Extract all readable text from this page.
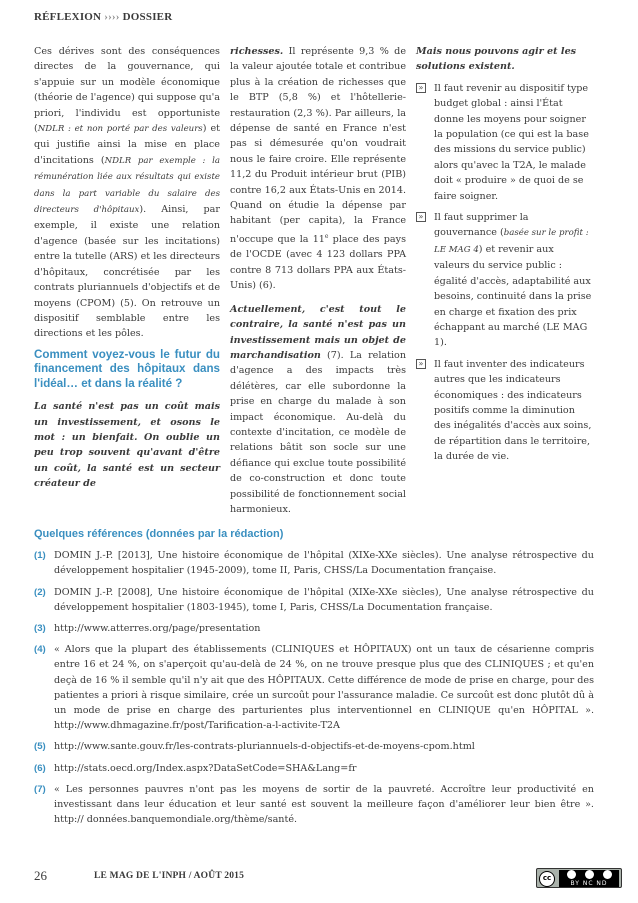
RÉFLEXION ›››› DOSSIER

Ces dérives sont des conséquences directes de la gouvernance, qui s'appuie sur un modèle économique (théorie de l'agence) qui suppose qu'a priori, l'individu est opportuniste (NDLR : et non porté par des valeurs) et qui justifie ainsi la mise en place d'incitations (NDLR par exemple : la rémunération liée aux résultats qui existe dans la part variable du salaire des directeurs d'hôpitaux). Ainsi, par exemple, il existe une relation d'agence (basée sur les incitations) entre la tutelle (ARS) et les directeurs d'hôpitaux, concrétisée par les contrats pluriannuels d'objectifs et de moyens (CPOM) (5). On retrouve un dispositif semblable entre les directions et les pôles.

Comment voyez-vous le futur du financement des hôpitaux dans l'idéal… et dans la réalité ?

La santé n'est pas un coût mais un investissement, et osons le mot : un bienfait. On oublie un peu trop souvent qu'avant d'être un coût, la santé est un secteur créateur de

richesses. Il représente 9,3 % de la valeur ajoutée totale et contribue plus à la création de richesses que le BTP (5,8 %) et l'hôtellerie-restauration (2,3 %). Par ailleurs, la dépense de santé en France n'est pas si démesurée qu'on voudrait nous le faire croire. Elle représente 11,2 du Produit intérieur brut (PIB) contre 16,2 aux États-Unis en 2014. Quand on étudie la dépense par habitant (per capita), la France n'occupe que la 11e place des pays de l'OCDE (avec 4 123 dollars PPA contre 8 713 dollars PPA aux États-Unis) (6).

Actuellement, c'est tout le contraire, la santé n'est pas un investissement mais un objet de marchandisation (7). La relation d'agence a des impacts très délétères, car elle subordonne la prise en charge du malade à son impact économique. Au-delà du contexte d'incitation, ce modèle de relations bâtit son socle sur une défiance qui exclue toute possibilité de co-construction et donc toute possibilité de fonctionnement social harmonieux.

Mais nous pouvons agir et les solutions existent.

» Il faut revenir au dispositif type budget global : ainsi l'État donne les moyens pour soigner la population (ce qui est la base des missions du service public) alors qu'avec la T2A, le malade doit « produire » de quoi de se faire soigner.
» Il faut supprimer la gouvernance (basée sur le profit : LE MAG 4) et revenir aux valeurs du service public : égalité d'accès, adaptabilité aux besoins, continuité dans la prise en charge et fixation des prix échappant au marché (LE MAG 1).
» Il faut inventer des indicateurs autres que les indicateurs économiques : des indicateurs positifs comme la diminution des inégalités d'accès aux soins, de répartition dans le territoire, la durée de vie.
Quelques références (données par la rédaction)
(1) DOMIN J.-P. [2013], Une histoire économique de l'hôpital (XIXe-XXe siècles). Une analyse rétrospective du développement hospitalier (1945-2009), tome II, Paris, CHSS/La Documentation française.
(2) DOMIN J.-P. [2008], Une histoire économique de l'hôpital (XIXe-XXe siècles), Une analyse rétrospective du développement hospitalier (1803-1945), tome I, Paris, CHSS/La Documentation française.
(3) http://www.atterres.org/page/presentation
(4) « Alors que la plupart des établissements (CLINIQUES et HÔPITAUX) ont un taux de césarienne compris entre 16 et 24 %, on s'aperçoit qu'au-delà de 24 %, on ne trouve presque plus que des CLINIQUES ; et qu'en deçà de 16 % il semble qu'il n'y ait que des HÔPITAUX. Cette différence de mode de prise en charge, pour des patientes a priori à risque similaire, crée un surcoût pour l'assurance maladie. Ce surcoût est donc plutôt dû à un mode de prise en charge des parturientes plus interventionnel en CLINIQUE qu'en HÔPITAL ». http://www.dhmagazine.fr/post/Tarification-a-l-activite-T2A
(5) http://www.sante.gouv.fr/les-contrats-pluriannuels-d-objectifs-et-de-moyens-cpom.html
(6) http://stats.oecd.org/Index.aspx?DataSetCode=SHA&Lang=fr
(7) « Les personnes pauvres n'ont pas les moyens de sortir de la pauvreté. Accroître leur productivité en investissant dans leur éducation et leur santé est souvent la meilleure façon d'améliorer leur bien être ». http:// données.banquemondiale.org/thème/santé.
26	LE MAG DE L'INPH / AOÛT 2015	cc
BY NC ND
